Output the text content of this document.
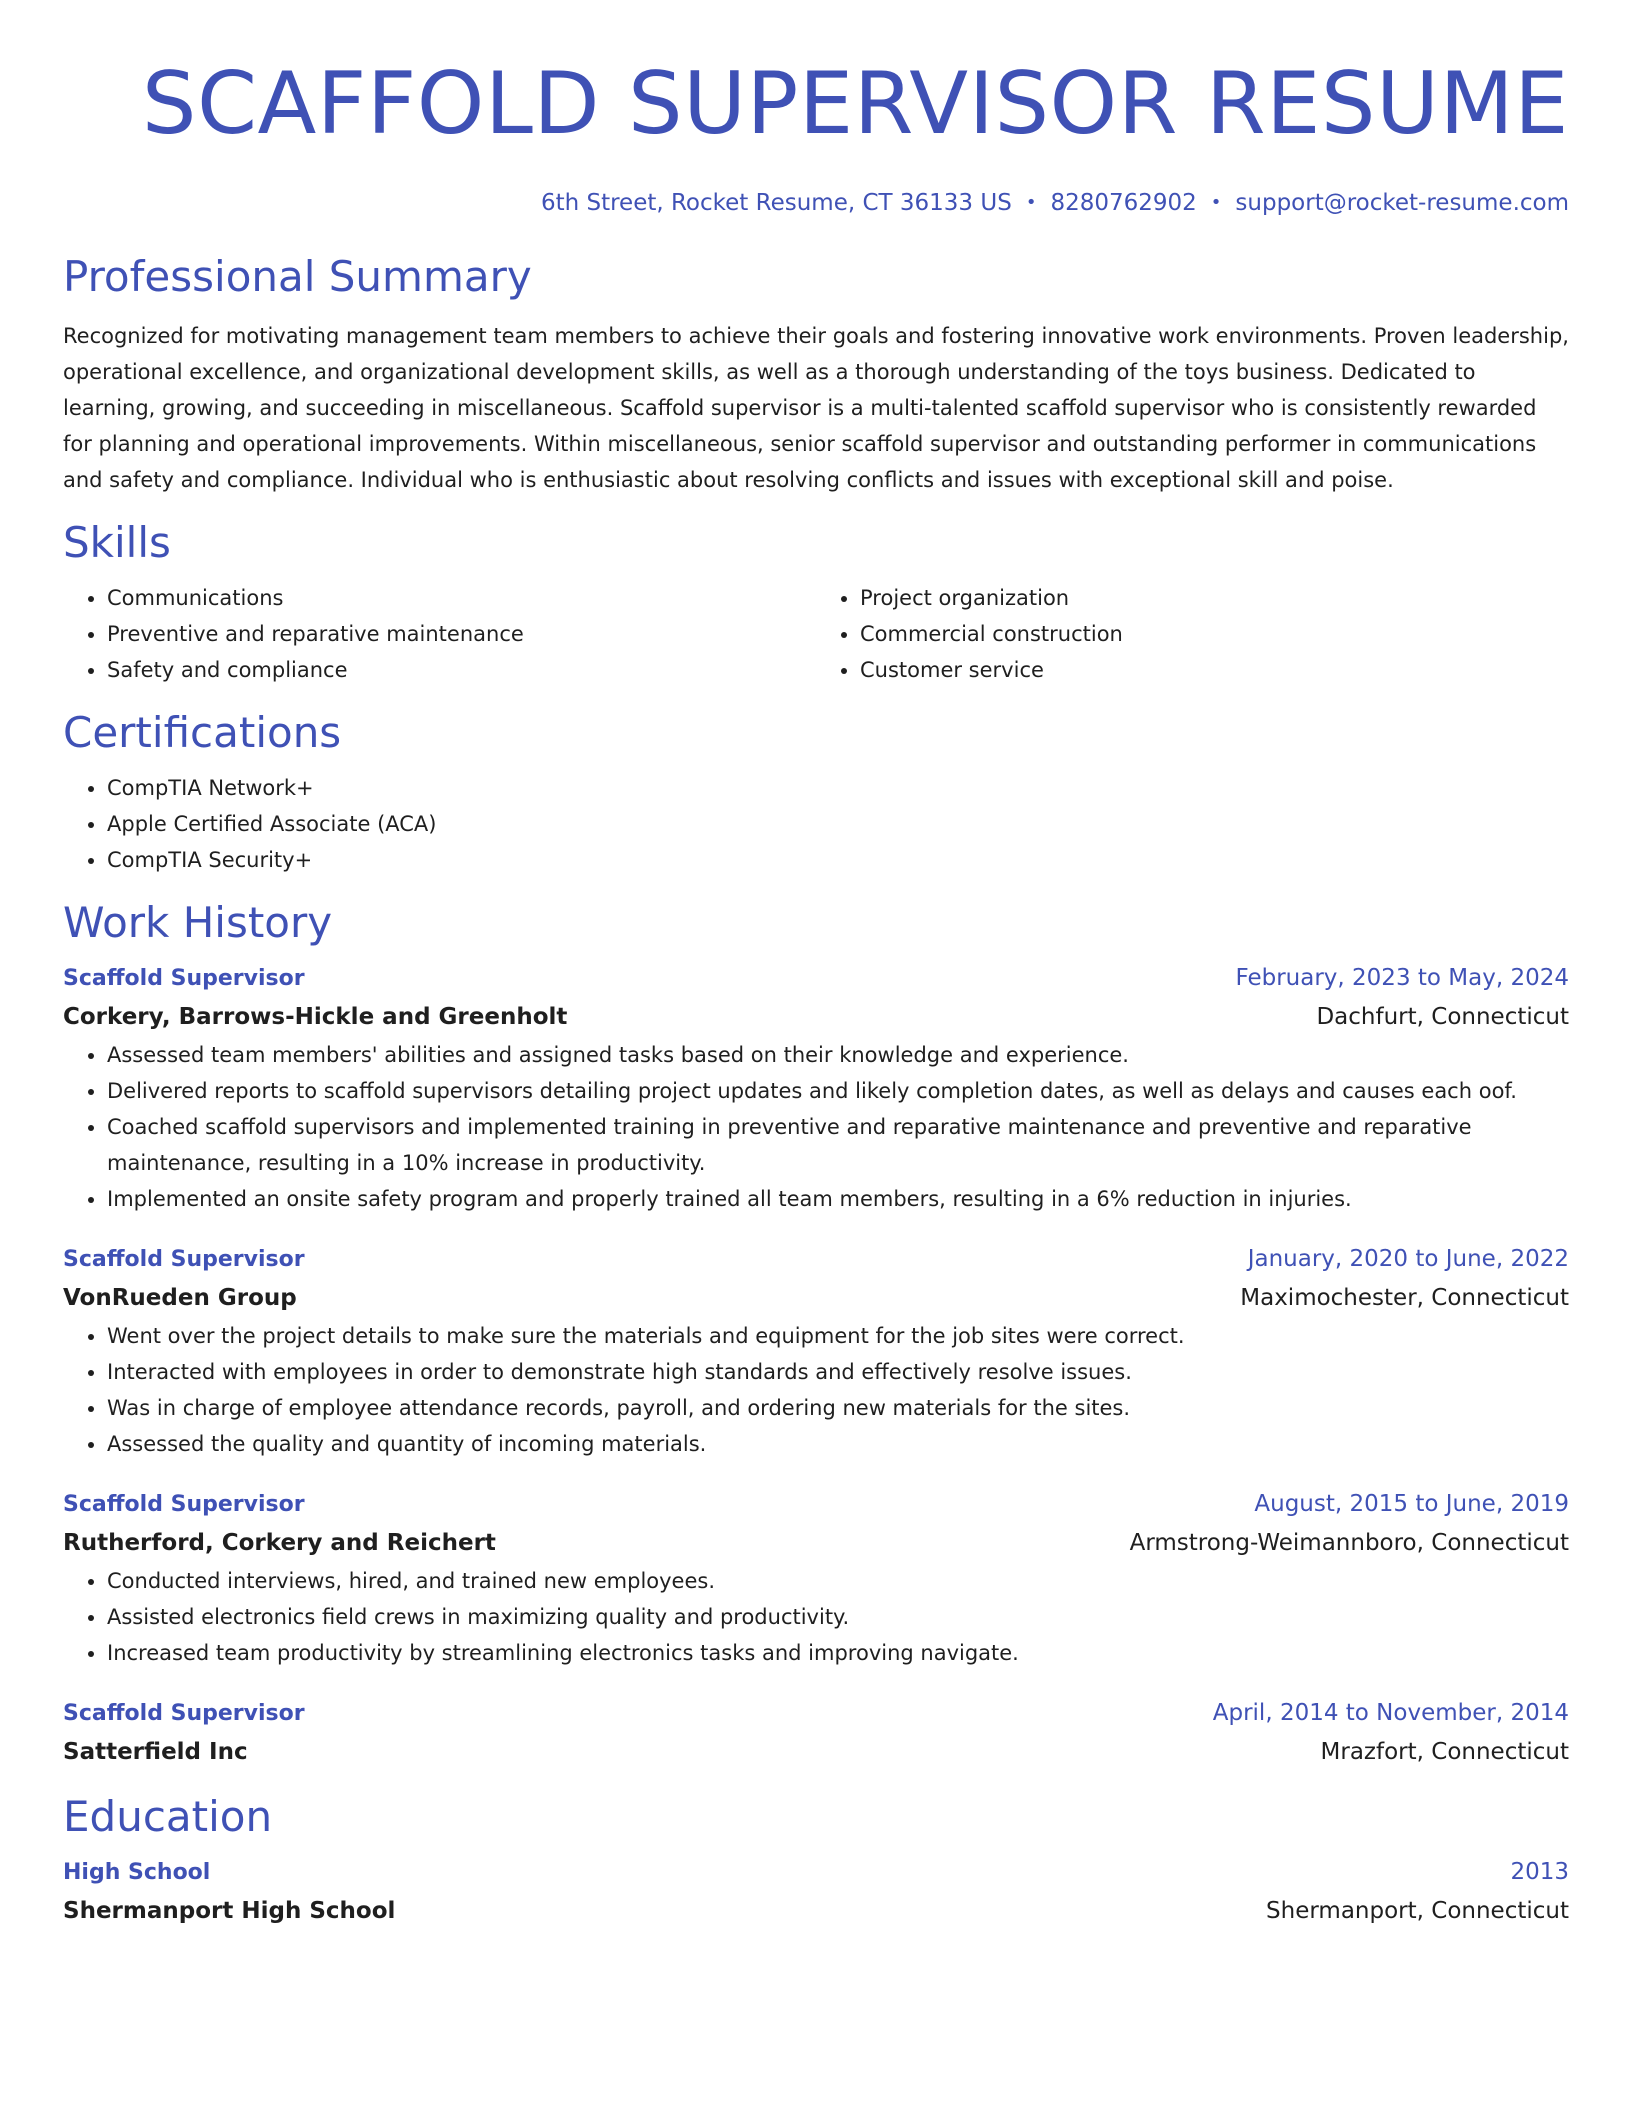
SCAFFOLD SUPERVISOR RESUME
6th Street, Rocket Resume, CT 36133 US • 8280762902 • support@rocket-resume.com
Professional Summary
Recognized for motivating management team members to achieve their goals and fostering innovative work environments. Proven leadership, operational excellence, and organizational development skills, as well as a thorough understanding of the toys business. Dedicated to learning, growing, and succeeding in miscellaneous. Scaffold supervisor is a multi-talented scaffold supervisor who is consistently rewarded for planning and operational improvements. Within miscellaneous, senior scaffold supervisor and outstanding performer in communications and safety and compliance. Individual who is enthusiastic about resolving conflicts and issues with exceptional skill and poise.
Skills
• Communications
• Preventive and reparative maintenance
• Safety and compliance
• Project organization
• Commercial construction
• Customer service
Certifications
• CompTIA Network+
• Apple Certified Associate (ACA)
• CompTIA Security+
Work History
Scaffold Supervisor	February, 2023 to May, 2024
Corkery, Barrows-Hickle and Greenholt	Dachfurt, Connecticut
• Assessed team members' abilities and assigned tasks based on their knowledge and experience.
• Delivered reports to scaffold supervisors detailing project updates and likely completion dates, as well as delays and causes each oof.
• Coached scaffold supervisors and implemented training in preventive and reparative maintenance and preventive and reparative maintenance, resulting in a 10% increase in productivity.
• Implemented an onsite safety program and properly trained all team members, resulting in a 6% reduction in injuries.
Scaffold Supervisor	January, 2020 to June, 2022
VonRueden Group	Maximochester, Connecticut
• Went over the project details to make sure the materials and equipment for the job sites were correct.
• Interacted with employees in order to demonstrate high standards and effectively resolve issues.
• Was in charge of employee attendance records, payroll, and ordering new materials for the sites.
• Assessed the quality and quantity of incoming materials.
Scaffold Supervisor	August, 2015 to June, 2019
Rutherford, Corkery and Reichert	Armstrong-Weimannboro, Connecticut
• Conducted interviews, hired, and trained new employees.
• Assisted electronics field crews in maximizing quality and productivity.
• Increased team productivity by streamlining electronics tasks and improving navigate.
Scaffold Supervisor	April, 2014 to November, 2014
Satterfield Inc	Mrazfort, Connecticut
Education
High School	2013
Shermanport High School	Shermanport, Connecticut
